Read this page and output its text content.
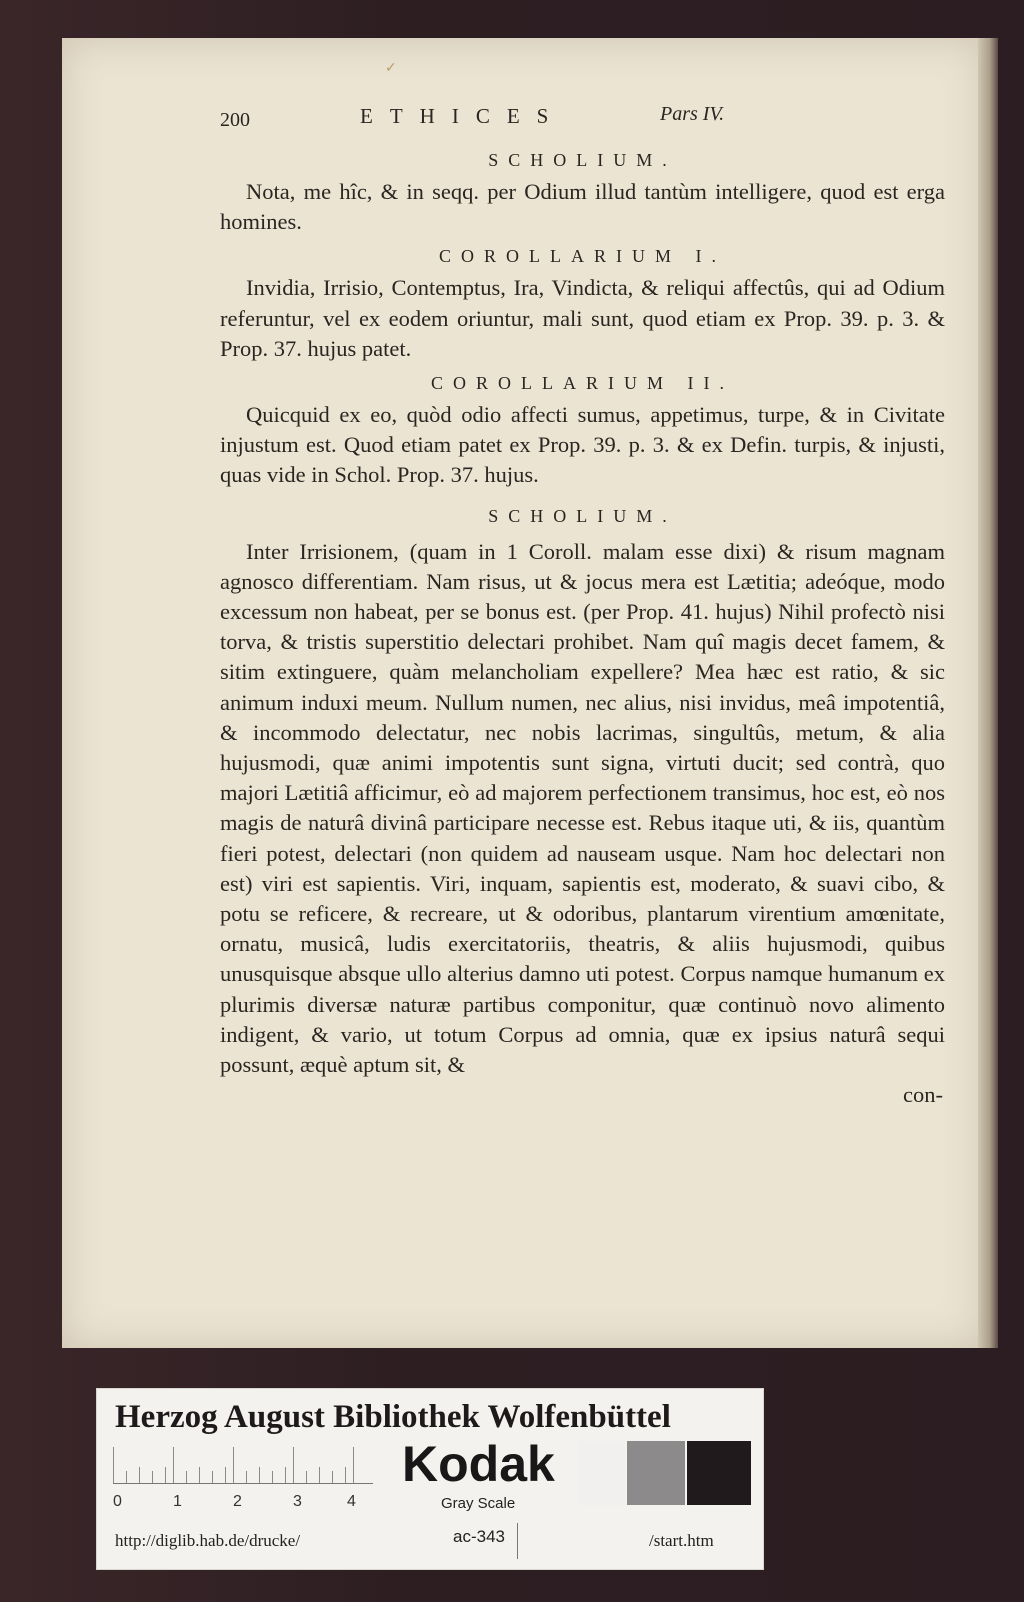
✓
200	ETHICES	Pars IV.
SCHOLIUM.

Nota, me hîc, & in seqq. per Odium illud tantùm intelligere, quod est erga homines.

COROLLARIUM I.

Invidia, Irrisio, Contemptus, Ira, Vindicta, & reliqui affectûs, qui ad Odium referuntur, vel ex eodem oriuntur, mali sunt, quod etiam ex Prop. 39. p. 3. & Prop. 37. hujus patet.

COROLLARIUM II.

Quicquid ex eo, quòd odio affecti sumus, appetimus, turpe, & in Civitate injustum est. Quod etiam patet ex Prop. 39. p. 3. & ex Defin. turpis, & injusti, quas vide in Schol. Prop. 37. hujus.

SCHOLIUM.

Inter Irrisionem, (quam in 1 Coroll. malam esse dixi) & risum magnam agnosco differentiam. Nam risus, ut & jocus mera est Lætitia; adeóque, modo excessum non habeat, per se bonus est. (per Prop. 41. hujus) Nihil profectò nisi torva, & tristis superstitio delectari prohibet. Nam quî magis decet famem, & sitim extinguere, quàm melancholiam expellere? Mea hæc est ratio, & sic animum induxi meum. Nullum numen, nec alius, nisi invidus, meâ impotentiâ, & incommodo delectatur, nec nobis lacrimas, singultûs, metum, & alia hujusmodi, quæ animi impotentis sunt signa, virtuti ducit; sed contrà, quo majori Lætitiâ afficimur, eò ad majorem perfectionem transimus, hoc est, eò nos magis de naturâ divinâ participare necesse est. Rebus itaque uti, & iis, quantùm fieri potest, delectari (non quidem ad nauseam usque. Nam hoc delectari non est) viri est sapientis. Viri, inquam, sapientis est, moderato, & suavi cibo, & potu se reficere, & recreare, ut & odoribus, plantarum virentium amœnitate, ornatu, musicâ, ludis exercitatoriis, theatris, & aliis hujusmodi, quibus unusquisque absque ullo alterius damno uti potest. Corpus namque humanum ex plurimis diversæ naturæ partibus componitur, quæ continuò novo alimento indigent, & vario, ut totum Corpus ad omnia, quæ ex ipsius naturâ sequi possunt, æquè aptum sit, &

con-

Herzog August Bibliothek Wolfenbüttel
0	1	2	3	4
Kodak
Gray Scale
http://diglib.hab.de/drucke/	ac-343	/start.htm
